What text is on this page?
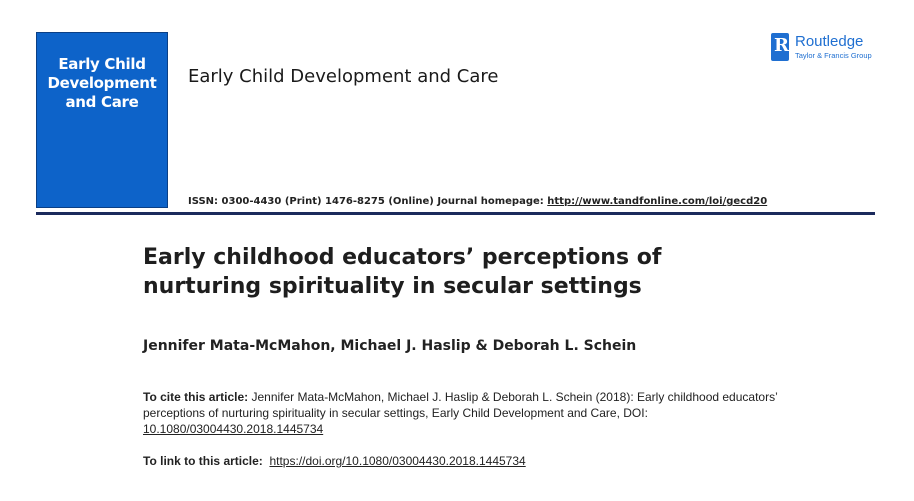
Early Child
Development
and Care
Early Child Development and Care
R
Routledge
Taylor & Francis Group
ISSN: 0300-4430 (Print) 1476-8275 (Online) Journal homepage: http://www.tandfonline.com/loi/gecd20
Early childhood educators’ perceptions of
nurturing spirituality in secular settings
Jennifer Mata-McMahon, Michael J. Haslip & Deborah L. Schein
To cite this article: Jennifer Mata-McMahon, Michael J. Haslip & Deborah L. Schein (2018): Early childhood educators’ perceptions of nurturing spirituality in secular settings, Early Child Development and Care, DOI: 10.1080/03004430.2018.1445734
To link to this article: https://doi.org/10.1080/03004430.2018.1445734
